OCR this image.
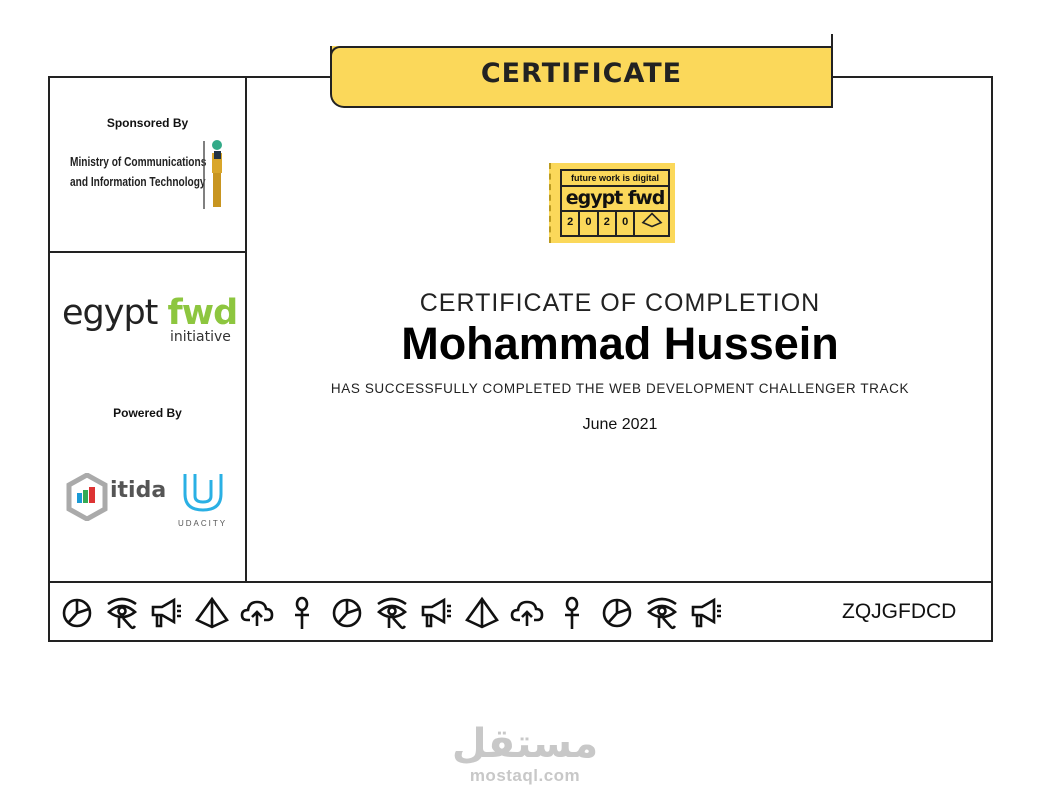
CERTIFICATE
Sponsored By
Ministry of Communications
and Information Technology
egypt fwd
initiative
Powered By
itida
UDACITY
future work is digital
egypt fwd
2	0	2	0
CERTIFICATE OF COMPLETION
Mohammad Hussein
HAS SUCCESSFULLY COMPLETED THE WEB DEVELOPMENT CHALLENGER TRACK
June 2021
ZQJGFDCD
مستقل
mostaql.com
